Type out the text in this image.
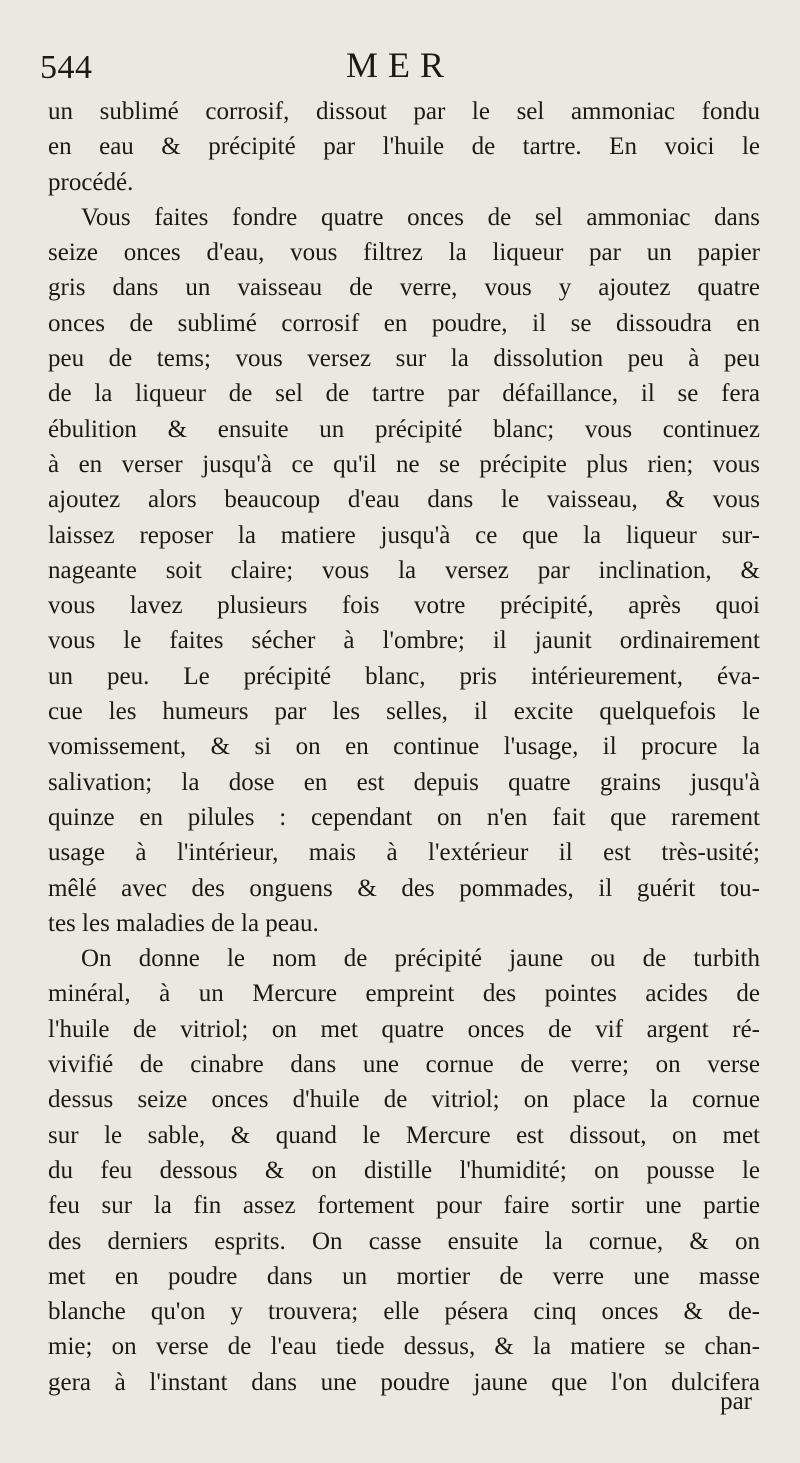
544	MER
un sublimé corrosif, dissout par le sel ammoniac fondu
en eau & précipité par l'huile de tartre. En voici le
procédé.
Vous faites fondre quatre onces de sel ammoniac dans
seize onces d'eau, vous filtrez la liqueur par un papier
gris dans un vaisseau de verre, vous y ajoutez quatre
onces de sublimé corrosif en poudre, il se dissoudra en
peu de tems; vous versez sur la dissolution peu à peu
de la liqueur de sel de tartre par défaillance, il se fera
ébulition & ensuite un précipité blanc; vous continuez
à en verser jusqu'à ce qu'il ne se précipite plus rien; vous
ajoutez alors beaucoup d'eau dans le vaisseau, & vous
laissez reposer la matiere jusqu'à ce que la liqueur sur-
nageante soit claire; vous la versez par inclination, &
vous lavez plusieurs fois votre précipité, après quoi
vous le faites sécher à l'ombre; il jaunit ordinairement
un peu. Le précipité blanc, pris intérieurement, éva-
cue les humeurs par les selles, il excite quelquefois le
vomissement, & si on en continue l'usage, il procure la
salivation; la dose en est depuis quatre grains jusqu'à
quinze en pilules : cependant on n'en fait que rarement
usage à l'intérieur, mais à l'extérieur il est très-usité;
mêlé avec des onguens & des pommades, il guérit tou-
tes les maladies de la peau.
On donne le nom de précipité jaune ou de turbith
minéral, à un Mercure empreint des pointes acides de
l'huile de vitriol; on met quatre onces de vif argent ré-
vivifié de cinabre dans une cornue de verre; on verse
dessus seize onces d'huile de vitriol; on place la cornue
sur le sable, & quand le Mercure est dissout, on met
du feu dessous & on distille l'humidité; on pousse le
feu sur la fin assez fortement pour faire sortir une partie
des derniers esprits. On casse ensuite la cornue, & on
met en poudre dans un mortier de verre une masse
blanche qu'on y trouvera; elle pésera cinq onces & de-
mie; on verse de l'eau tiede dessus, & la matiere se chan-
gera à l'instant dans une poudre jaune que l'on dulcifera
par
